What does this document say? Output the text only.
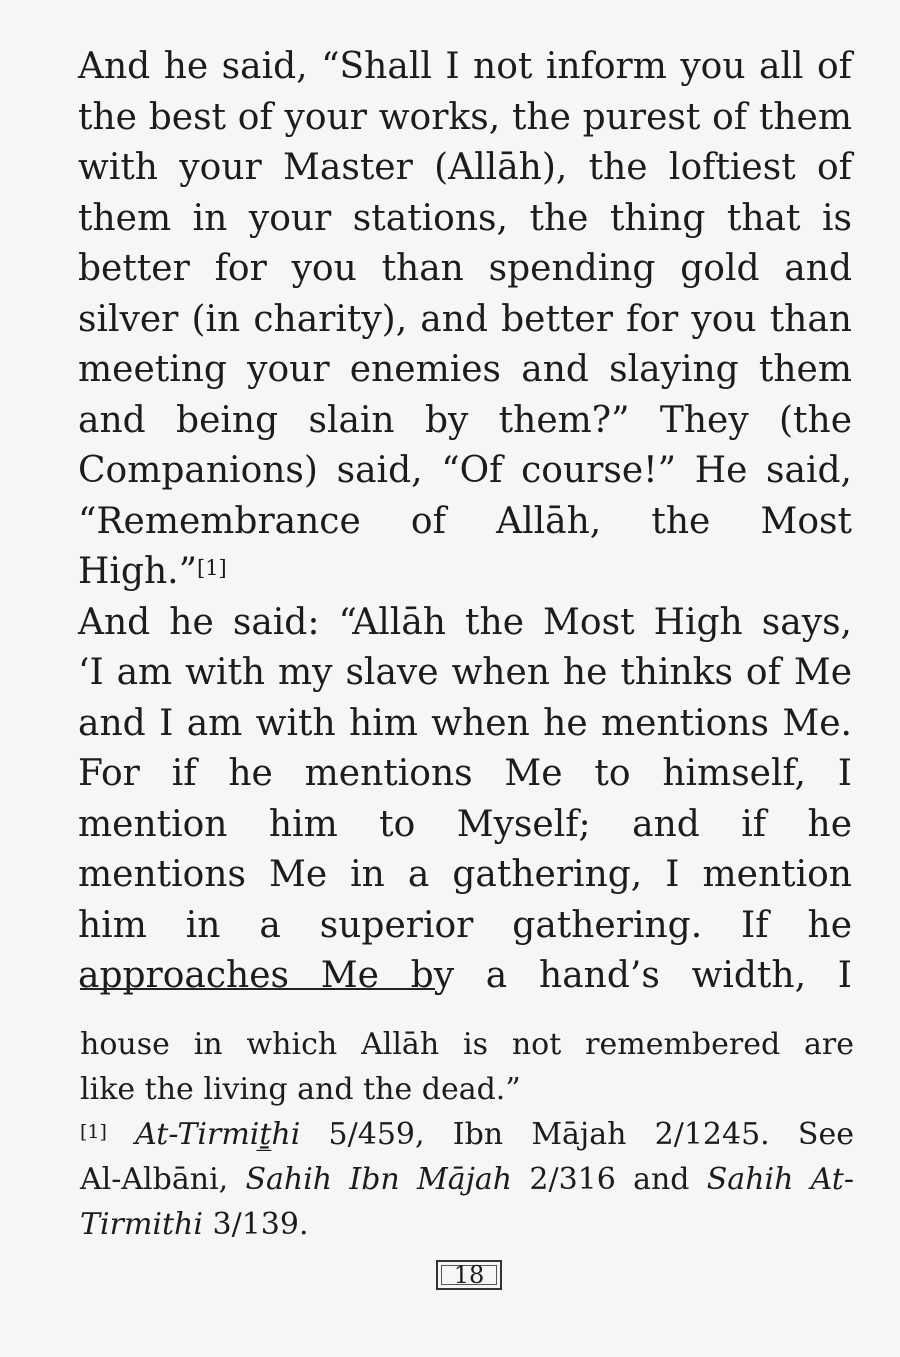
And he said, “Shall I not inform you all of
the best of your works, the purest of them
with your Master (Allāh), the loftiest of
them in your stations, the thing that is
better for you than spending gold and
silver (in charity), and better for you than
meeting your enemies and slaying them
and being slain by them?” They (the
Companions) said, “Of course!” He said,
“Remembrance of Allāh, the Most
High.”[1]
And he said: “Allāh the Most High says,
‘I am with my slave when he thinks of Me
and I am with him when he mentions Me.
For if he mentions Me to himself, I
mention him to Myself; and if he
mentions Me in a gathering, I mention
him in a superior gathering. If he
approaches Me by a hand’s width, I
house in which Allāh is not remembered are
like the living and the dead.”
[1] At-Tirmiṯ̲hi 5/459, Ibn Mājah 2/1245. See
Al-Albāni, Sahih Ibn Mājah 2/316 and Sahih At-
Tirmithi 3/139.
18
